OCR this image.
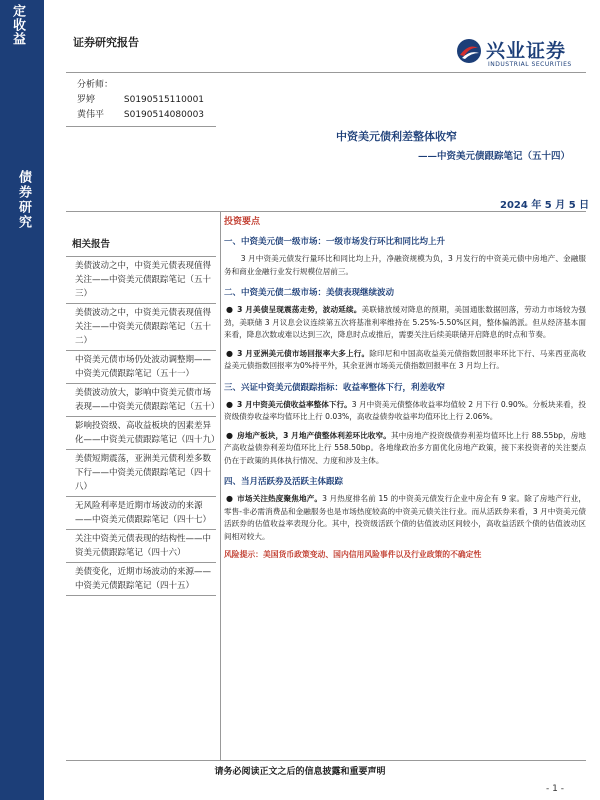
定收益
债券研究
证券研究报告	兴业证券
INDUSTRIAL SECURITIES
分析师：
罗婷	S0190515110001
黄伟平 S0190514080003
中资美元债利差整体收窄
——中资美元债跟踪笔记（五十四）
2024 年 5 月 5 日
相关报告
美债波动之中，中资美元债表现值得关注——中资美元债跟踪笔记（五十三）
美债波动之中，中资美元债表现值得关注——中资美元债跟踪笔记（五十二）
中资美元债市场仍处波动调整期——中资美元债跟踪笔记（五十一）
美债波动放大，影响中资美元债市场表现——中资美元债跟踪笔记（五十）
影响投资级、高收益板块的因素差异化——中资美元债跟踪笔记（四十九）
美债短期震荡，亚洲美元债利差多数下行——中资美元债跟踪笔记（四十八）
无风险利率是近期市场波动的来源——中资美元债跟踪笔记（四十七）
关注中资美元债表现的结构性——中资美元债跟踪笔记（四十六）
美债变化，近期市场波动的来源——中资美元债跟踪笔记（四十五）
投资要点
一、中资美元债一级市场：一级市场发行环比和同比均上升
3 月中资美元债发行量环比和同比均上升，净融资规模为负，3 月发行的中资美元债中房地产、金融服务和商业金融行业发行规模位居前三。
二、中资美元债二级市场：美债表现继续波动
● 3 月美债呈现震荡走势，波动延续。美联储放缓对降息的预期，美国通胀数据回落，劳动力市场较为强劲，美联储 3 月议息会议连续第五次将基准利率维持在 5.25%-5.50%区间，整体偏鸽派。但从经济基本面来看，降息次数或难以达到三次，降息时点或推后，需要关注后续美联储开启降息的时点和节奏。
● 3 月亚洲美元债市场回报率大多上行。除印尼和中国高收益美元债指数回报率环比下行、马来西亚高收益美元债指数回报率为0%持平外，其余亚洲市场美元债指数回报率在 3 月均上行。
三、兴证中资美元债跟踪指标：收益率整体下行，利差收窄
● 3 月中资美元债收益率整体下行。3 月中资美元债整体收益率均值较 2 月下行 0.90%。分板块来看，投资级债券收益率均值环比上行 0.03%，高收益债券收益率均值环比上行 2.06%。
● 房地产板块，3 月地产债整体利差环比收窄。其中房地产投资级债券利差均值环比上行 88.55bp，房地产高收益债券利差均值环比上行 558.50bp。各地缘政治多方面优化房地产政策，接下来投资者的关注要点仍在于政策的具体执行情况、力度和涉及主体。
四、当月活跃券及活跃主体跟踪
● 市场关注热度聚焦地产。3 月热度排名前 15 的中资美元债发行企业中房企有 9 家。除了房地产行业，零售-非必需消费品和金融服务也是市场热度较高的中资美元债关注行业。而从活跃券来看，3 月中资美元债活跃券的估值收益率表现分化。其中，投资级活跃个债的估值波动区间较小，高收益活跃个债的估值波动区间相对较大。
风险提示：美国货币政策变动、国内信用风险事件以及行业政策的不确定性
请务必阅读正文之后的信息披露和重要声明
- 1 -
